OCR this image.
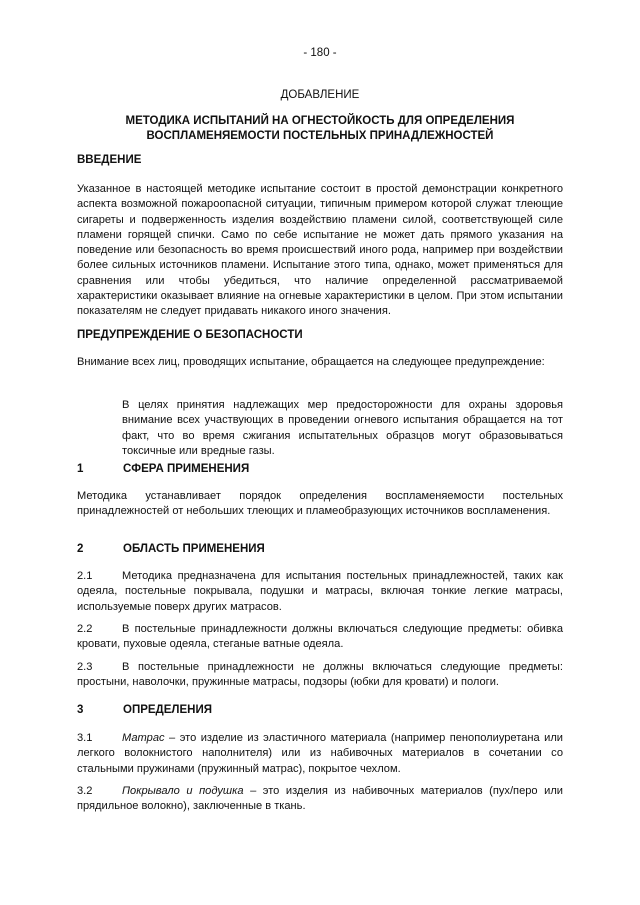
- 180 -
ДОБАВЛЕНИЕ
МЕТОДИКА ИСПЫТАНИЙ НА ОГНЕСТОЙКОСТЬ ДЛЯ ОПРЕДЕЛЕНИЯ ВОСПЛАМЕНЯЕМОСТИ ПОСТЕЛЬНЫХ ПРИНАДЛЕЖНОСТЕЙ
ВВЕДЕНИЕ
Указанное в настоящей методике испытание состоит в простой демонстрации конкретного аспекта возможной пожароопасной ситуации, типичным примером которой служат тлеющие сигареты и подверженность изделия воздействию пламени силой, соответствующей силе пламени горящей спички. Само по себе испытание не может дать прямого указания на поведение или безопасность во время происшествий иного рода, например при воздействии более сильных источников пламени. Испытание этого типа, однако, может применяться для сравнения или чтобы убедиться, что наличие определенной рассматриваемой характеристики оказывает влияние на огневые характеристики в целом. При этом испытании показателям не следует придавать никакого иного значения.
ПРЕДУПРЕЖДЕНИЕ О БЕЗОПАСНОСТИ
Внимание всех лиц, проводящих испытание, обращается на следующее предупреждение:
В целях принятия надлежащих мер предосторожности для охраны здоровья внимание всех участвующих в проведении огневого испытания обращается на тот факт, что во время сжигания испытательных образцов могут образовываться токсичные или вредные газы.
1	СФЕРА ПРИМЕНЕНИЯ
Методика устанавливает порядок определения воспламеняемости постельных принадлежностей от небольших тлеющих и пламеобразующих источников воспламенения.
2	ОБЛАСТЬ ПРИМЕНЕНИЯ
2.1	Методика предназначена для испытания постельных принадлежностей, таких как одеяла, постельные покрывала, подушки и матрасы, включая тонкие легкие матрасы, используемые поверх других матрасов.
2.2	В постельные принадлежности должны включаться следующие предметы: обивка кровати, пуховые одеяла, стеганые ватные одеяла.
2.3	В постельные принадлежности не должны включаться следующие предметы: простыни, наволочки, пружинные матрасы, подзоры (юбки для кровати) и пологи.
3	ОПРЕДЕЛЕНИЯ
3.1	Матрас – это изделие из эластичного материала (например пенополиуретана или легкого волокнистого наполнителя) или из набивочных материалов в сочетании со стальными пружинами (пружинный матрас), покрытое чехлом.
3.2	Покрывало и подушка – это изделия из набивочных материалов (пух/перо или прядильное волокно), заключенные в ткань.
